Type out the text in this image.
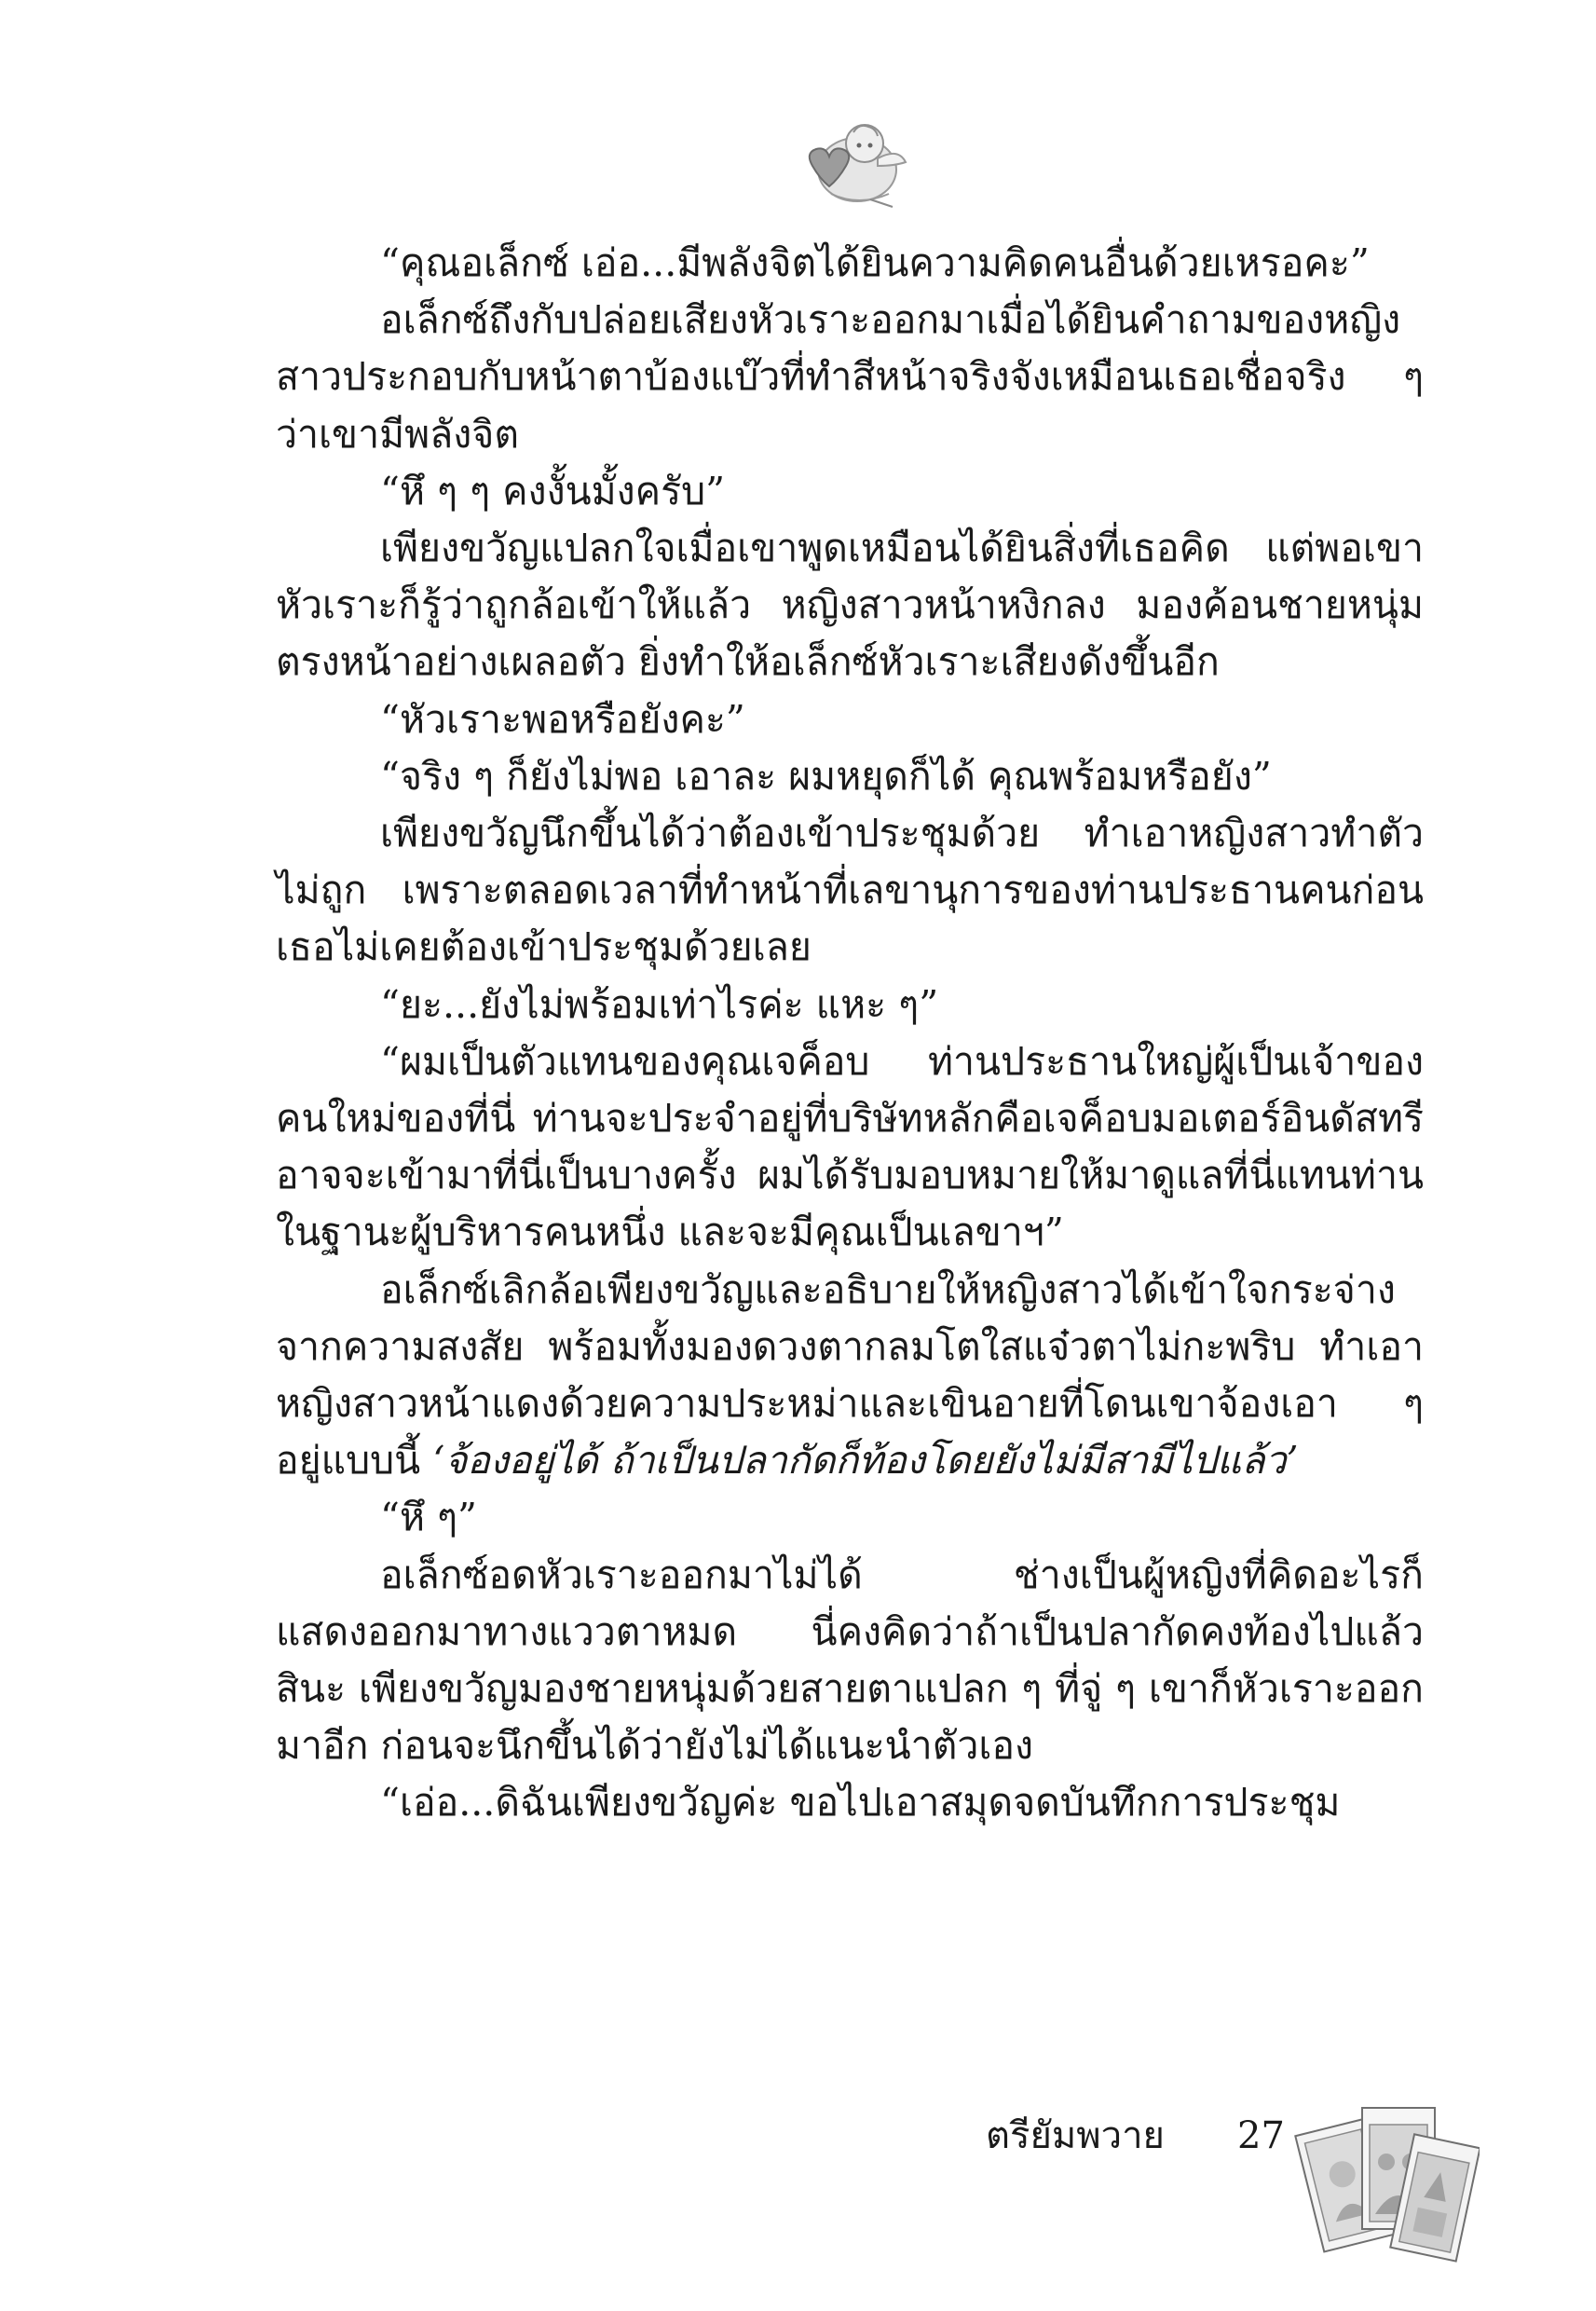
“คุณอเล็กซ์ เอ่อ...มีพลังจิตได้ยินความคิดคนอื่นด้วยเหรอคะ”

อเล็กซ์ถึงกับปล่อยเสียงหัวเราะออกมาเมื่อได้ยินคำถามของหญิงสาวประกอบกับหน้าตาบ้องแบ๊วที่ทำสีหน้าจริงจังเหมือนเธอเชื่อจริง ๆ ว่าเขามีพลังจิต

“หึ ๆ ๆ คงงั้นมั้งครับ”

เพียงขวัญแปลกใจเมื่อเขาพูดเหมือนได้ยินสิ่งที่เธอคิด แต่พอเขาหัวเราะก็รู้ว่าถูกล้อเข้าให้แล้ว หญิงสาวหน้าหงิกลง มองค้อนชายหนุ่มตรงหน้าอย่างเผลอตัว ยิ่งทำให้อเล็กซ์หัวเราะเสียงดังขึ้นอีก

“หัวเราะพอหรือยังคะ”

“จริง ๆ ก็ยังไม่พอ เอาละ ผมหยุดก็ได้ คุณพร้อมหรือยัง”

เพียงขวัญนึกขึ้นได้ว่าต้องเข้าประชุมด้วย ทำเอาหญิงสาวทำตัวไม่ถูก เพราะตลอดเวลาที่ทำหน้าที่เลขานุการของท่านประธานคนก่อนเธอไม่เคยต้องเข้าประชุมด้วยเลย

“ยะ...ยังไม่พร้อมเท่าไรค่ะ แหะ ๆ”

“ผมเป็นตัวแทนของคุณเจค็อบ ท่านประธานใหญ่ผู้เป็นเจ้าของคนใหม่ของที่นี่ ท่านจะประจำอยู่ที่บริษัทหลักคือเจค็อบมอเตอร์อินดัสทรี อาจจะเข้ามาที่นี่เป็นบางครั้ง ผมได้รับมอบหมายให้มาดูแลที่นี่แทนท่านในฐานะผู้บริหารคนหนึ่ง และจะมีคุณเป็นเลขาฯ”

อเล็กซ์เลิกล้อเพียงขวัญและอธิบายให้หญิงสาวได้เข้าใจกระจ่างจากความสงสัย พร้อมทั้งมองดวงตากลมโตใสแจ๋วตาไม่กะพริบ ทำเอาหญิงสาวหน้าแดงด้วยความประหม่าและเขินอายที่โดนเขาจ้องเอา ๆ อยู่แบบนี้ ‘จ้องอยู่ได้ ถ้าเป็นปลากัดก็ท้องโดยยังไม่มีสามีไปแล้ว’

“หึ ๆ”

อเล็กซ์อดหัวเราะออกมาไม่ได้ ช่างเป็นผู้หญิงที่คิดอะไรก็แสดงออกมาทางแววตาหมด นี่คงคิดว่าถ้าเป็นปลากัดคงท้องไปแล้วสินะ เพียงขวัญมองชายหนุ่มด้วยสายตาแปลก ๆ ที่จู่ ๆ เขาก็หัวเราะออกมาอีก ก่อนจะนึกขึ้นได้ว่ายังไม่ได้แนะนำตัวเอง

“เอ่อ...ดิฉันเพียงขวัญค่ะ ขอไปเอาสมุดจดบันทึกการประชุม

ตรียัมพวาย 27
